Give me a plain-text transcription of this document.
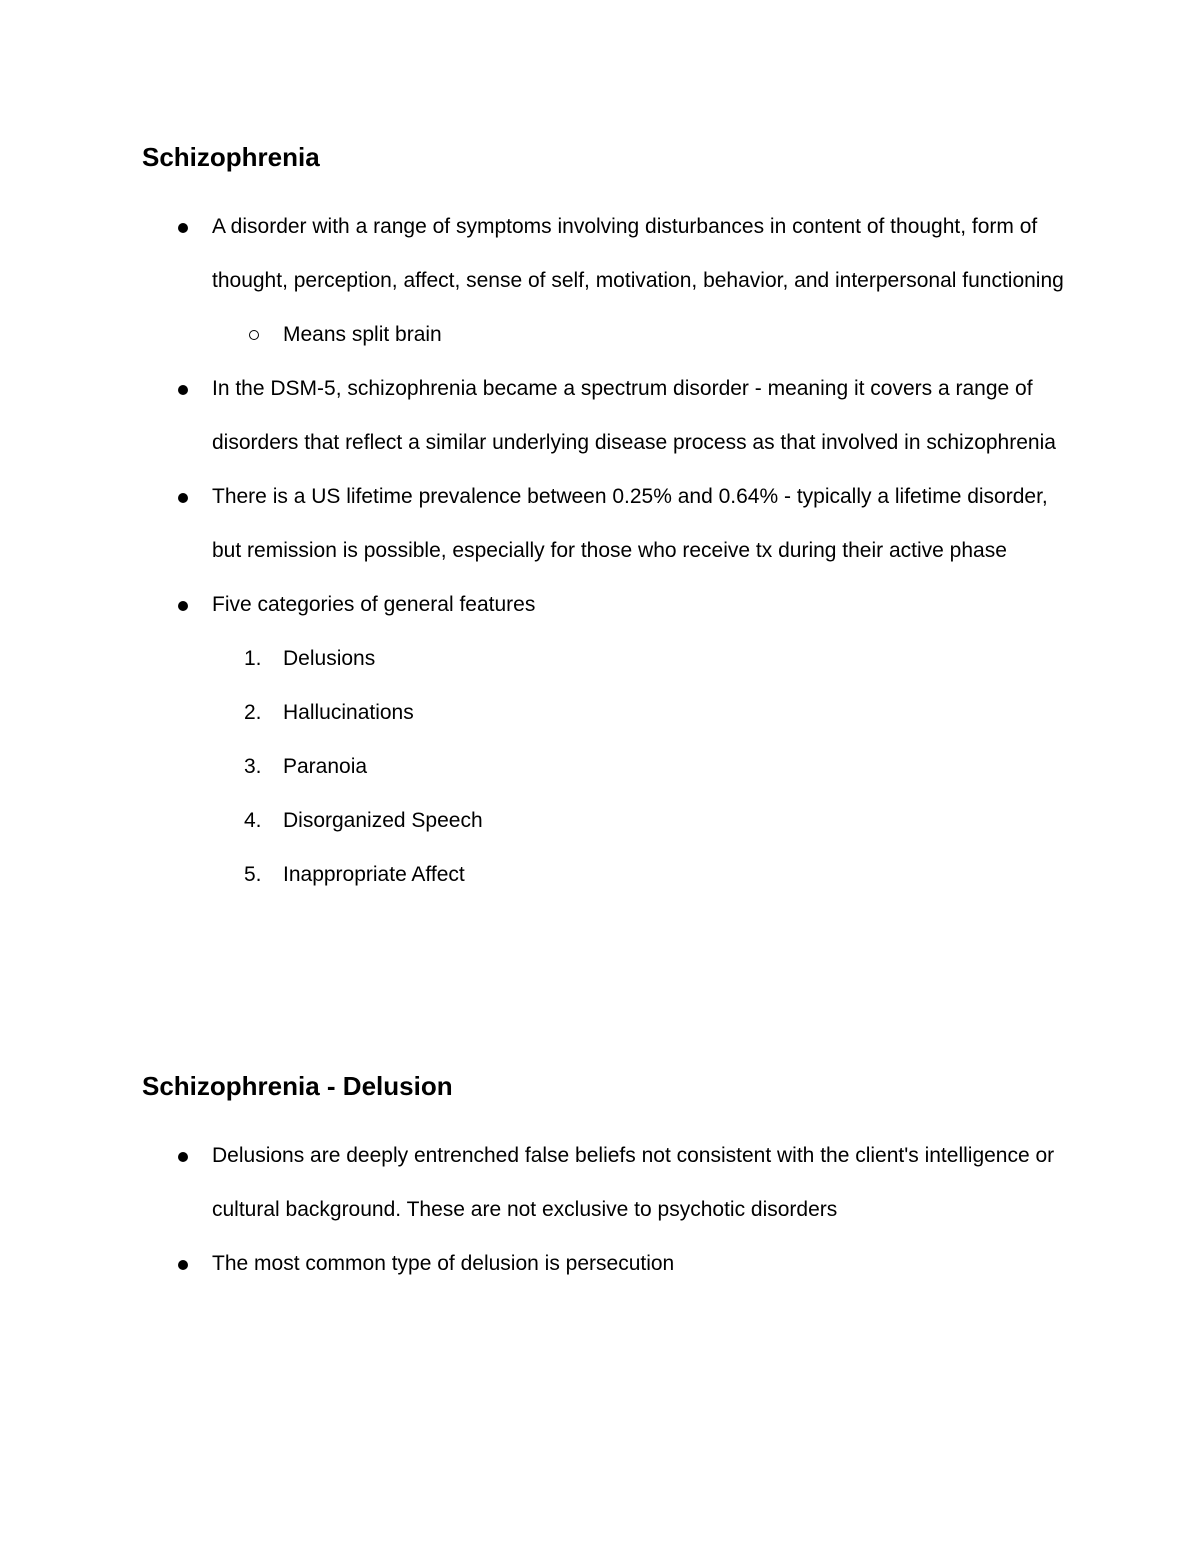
Schizophrenia
A disorder with a range of symptoms involving disturbances in content of thought, form of thought, perception, affect, sense of self, motivation, behavior, and interpersonal functioning
Means split brain
In the DSM-5, schizophrenia became a spectrum disorder - meaning it covers a range of disorders that reflect a similar underlying disease process as that involved in schizophrenia
There is a US lifetime prevalence between 0.25% and 0.64% - typically a lifetime disorder, but remission is possible, especially for those who receive tx during their active phase
Five categories of general features
1.	Delusions
2.	Hallucinations
3.	Paranoia
4.	Disorganized Speech
5.	Inappropriate Affect
Schizophrenia - Delusion
Delusions are deeply entrenched false beliefs not consistent with the client's intelligence or cultural background. These are not exclusive to psychotic disorders
The most common type of delusion is persecution
